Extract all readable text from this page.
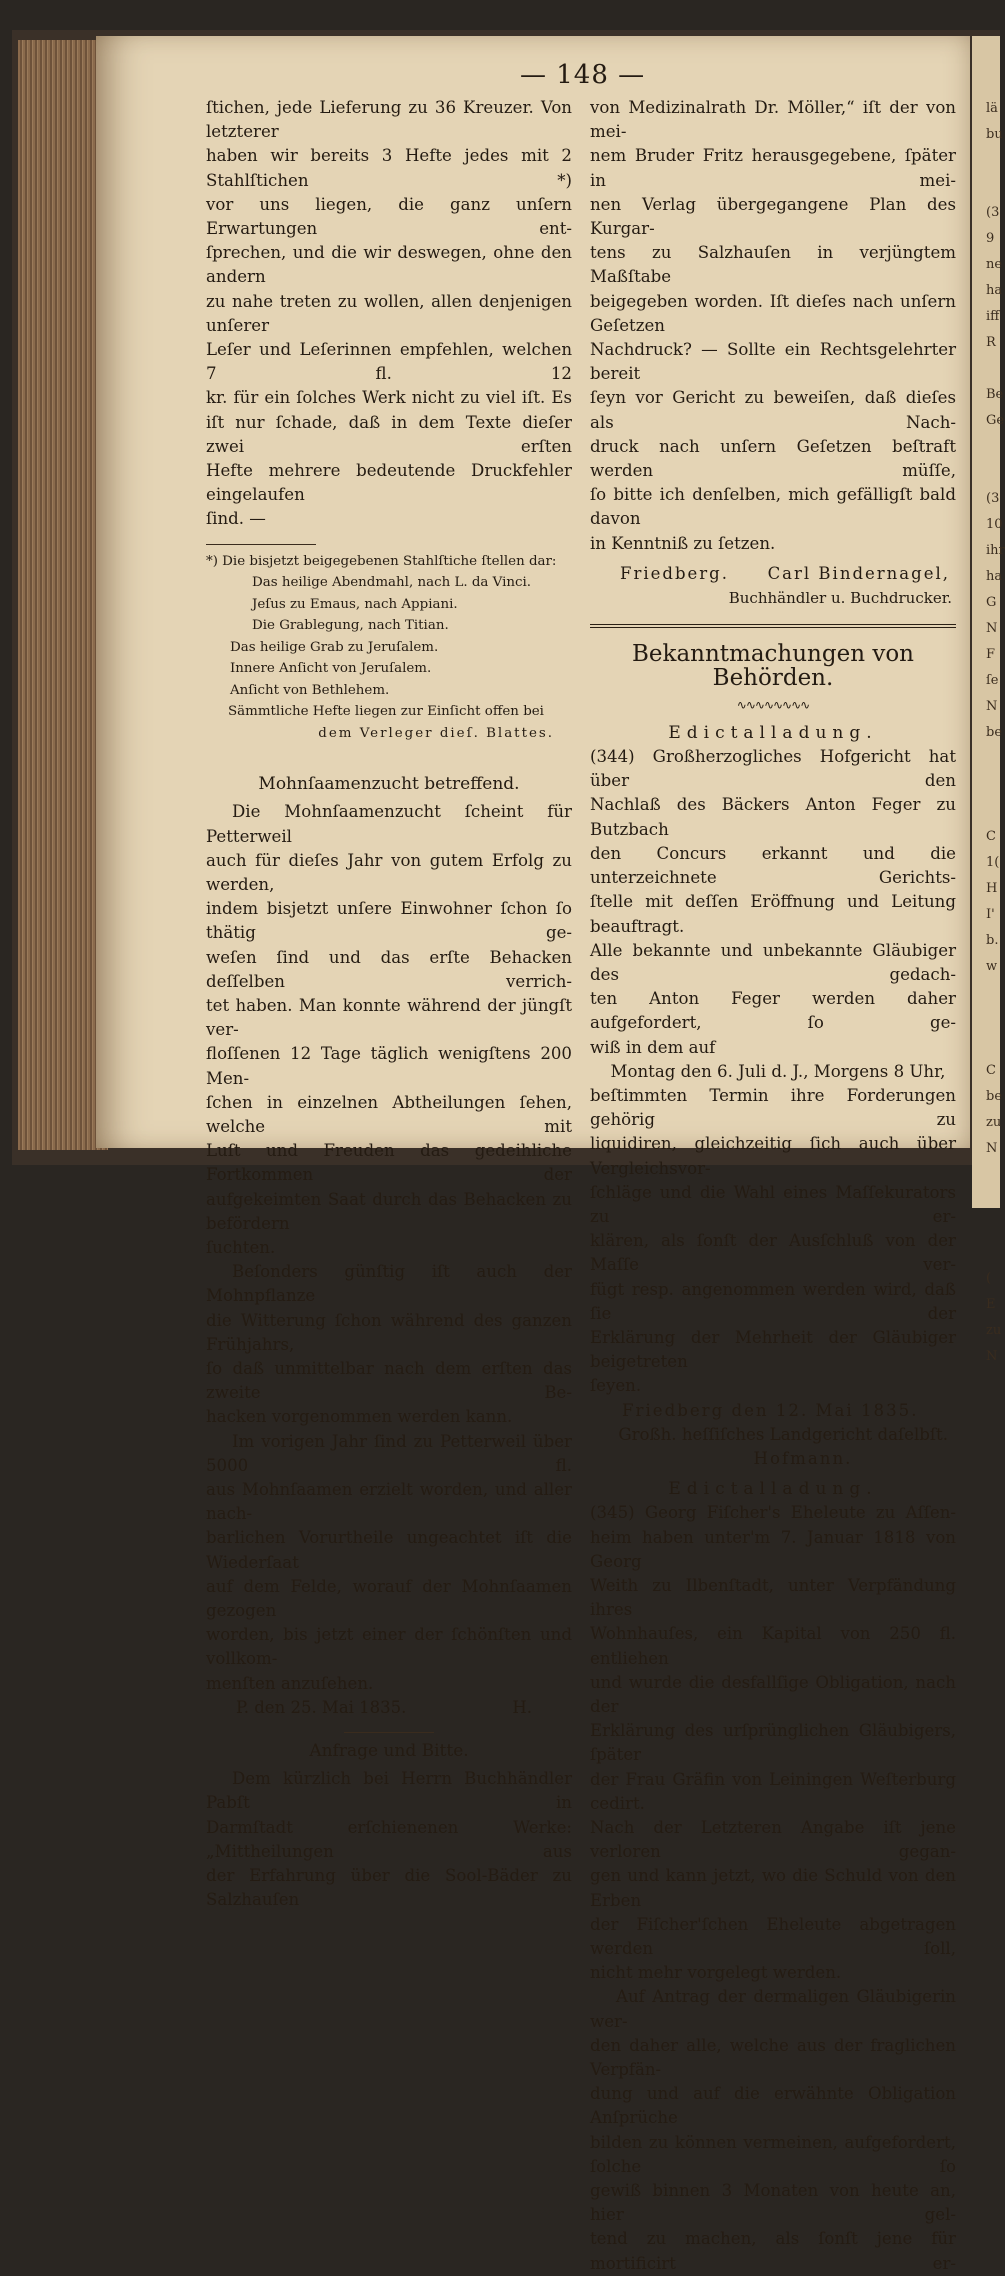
lä
bu

(3
9
ne
ha
iff
R

Be
Ge

(3
10
ihr
ha
G
N
F
ſe
N
be

C
1(
H
I'
b.
w

C
be
zu
N

(
E
zu
N
— 148 —

ſtichen, jede Lieferung zu 36 Kreuzer. Von letzterer

haben wir bereits 3 Hefte jedes mit 2 Stahlſtichen *)

vor uns liegen, die ganz unſern Erwartungen ent-

ſprechen, und die wir deswegen, ohne den andern

zu nahe treten zu wollen, allen denjenigen unſerer

Leſer und Leſerinnen empfehlen, welchen 7 fl. 12

kr. für ein ſolches Werk nicht zu viel iſt. Es

iſt nur ſchade, daß in dem Texte dieſer zwei erſten

Hefte mehrere bedeutende Druckfehler eingelaufen

ſind. —

*) Die bisjetzt beigegebenen Stahlſtiche ſtellen dar:

Das heilige Abendmahl, nach L. da Vinci.

Jeſus zu Emaus, nach Appiani.

Die Grablegung, nach Titian.

Das heilige Grab zu Jeruſalem.

Innere Anſicht von Jeruſalem.

Anſicht von Bethlehem.

Sämmtliche Hefte liegen zur Einſicht offen bei

dem Verleger dieſ. Blattes.

Mohnſaamenzucht betreffend.

Die Mohnſaamenzucht ſcheint für Petterweil

auch für dieſes Jahr von gutem Erfolg zu werden,

indem bisjetzt unſere Einwohner ſchon ſo thätig ge-

weſen ſind und das erſte Behacken deſſelben verrich-

tet haben. Man konnte während der jüngſt ver-

floſſenen 12 Tage täglich wenigſtens 200 Men-

ſchen in einzelnen Abtheilungen ſehen, welche mit

Luſt und Freuden das gedeihliche Fortkommen der

aufgekeimten Saat durch das Behacken zu befördern

ſuchten.

Beſonders günſtig iſt auch der Mohnpflanze

die Witterung ſchon während des ganzen Frühjahrs,

ſo daß unmittelbar nach dem erſten das zweite Be-

hacken vorgenommen werden kann.

Im vorigen Jahr ſind zu Petterweil über 5000 fl.

aus Mohnſaamen erzielt worden, und aller nach-

barlichen Vorurtheile ungeachtet iſt die Wiederſaat

auf dem Felde, worauf der Mohnſaamen gezogen

worden, bis jetzt einer der ſchönſten und vollkom-

menſten anzuſehen.

P. den 25. Mai 1835.	H.
Anfrage und Bitte.

Dem kürzlich bei Herrn Buchhändler Pabſt in

Darmſtadt erſchienenen Werke: „Mittheilungen aus

der Erfahrung über die Sool-Bäder zu Salzhauſen

von Medizinalrath Dr. Möller,“ iſt der von mei-

nem Bruder Fritz herausgegebene, ſpäter in mei-

nen Verlag übergegangene Plan des Kurgar-

tens zu Salzhauſen in verjüngtem Maßſtabe

beigegeben worden. Iſt dieſes nach unſern Geſetzen

Nachdruck? — Sollte ein Rechtsgelehrter bereit

ſeyn vor Gericht zu beweiſen, daß dieſes als Nach-

druck nach unſern Geſetzen beſtraft werden müſſe,

ſo bitte ich denſelben, mich gefälligſt bald davon

in Kenntniß zu ſetzen.

Friedberg. Carl Bindernagel,

Buchhändler u. Buchdrucker.

Bekanntmachungen von Behörden.
∿∿∿∿∿∿∿∿
Edictalladung.

(344) Großherzogliches Hofgericht hat über den

Nachlaß des Bäckers Anton Feger zu Butzbach

den Concurs erkannt und die unterzeichnete Gerichts-

ſtelle mit deſſen Eröffnung und Leitung beauftragt.

Alle bekannte und unbekannte Gläubiger des gedach-

ten Anton Feger werden daher aufgefordert, ſo ge-

wiß in dem auf

Montag den 6. Juli d. J., Morgens 8 Uhr,

beſtimmten Termin ihre Forderungen gehörig zu

liquidiren, gleichzeitig ſich auch über Vergleichsvor-

ſchläge und die Wahl eines Maſſekurators zu er-

klären, als ſonſt der Ausſchluß von der Maſſe ver-

fügt resp. angenommen werden wird, daß ſie der

Erklärung der Mehrheit der Gläubiger beigetreten

ſeyen.

Friedberg den 12. Mai 1835.

Großh. heſſiſches Landgericht daſelbſt.

Hofmann.

Edictalladung.

(345) Georg Fiſcher's Eheleute zu Aſſen-

heim haben unter'm 7. Januar 1818 von Georg

Weith zu Ilbenſtadt, unter Verpfändung ihres

Wohnhauſes, ein Kapital von 250 fl. entliehen

und wurde die desfallſige Obligation, nach der

Erklärung des urſprünglichen Gläubigers, ſpäter

der Frau Gräfin von Leiningen Weſterburg cedirt.

Nach der Letzteren Angabe iſt jene verloren gegan-

gen und kann jetzt, wo die Schuld von den Erben

der Fiſcher'ſchen Eheleute abgetragen werden ſoll,

nicht mehr vorgelegt werden.

Auf Antrag der dermaligen Gläubigerin wer-

den daher alle, welche aus der fraglichen Verpfän-

dung und auf die erwähnte Obligation Anſprüche

bilden zu können vermeinen, aufgefordert, ſolche ſo

gewiß binnen 3 Monaten von heute an, hier gel-

tend zu machen, als ſonſt jene für mortificirt er-
